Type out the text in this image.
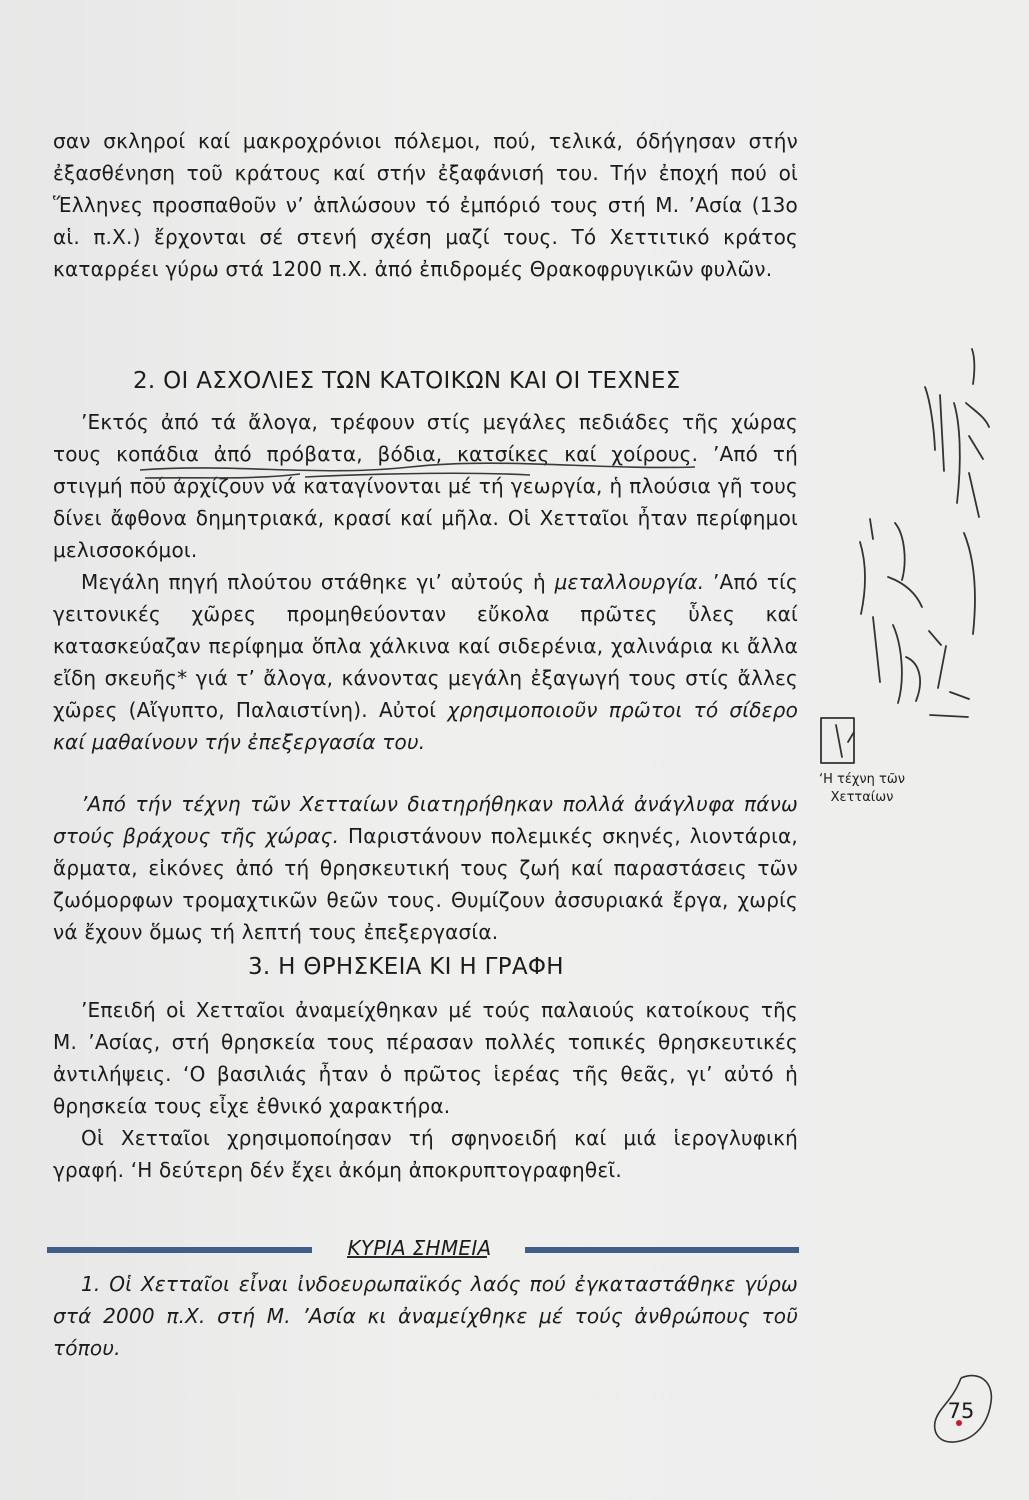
σαν σκληροί καί μακροχρόνιοι πόλεμοι, πού, τελικά, όδήγησαν στήν ἐξασθένηση τοῦ κράτους καί στήν ἐξαφάνισή του. Τήν ἐποχή πού οἱ Ἕλληνες προσπαθοῦν ν’ ἁπλώσουν τό ἐμπόριό τους στή Μ. ’Ασία (13ο αἱ. π.Χ.) ἔρχονται σέ στενή σχέση μαζί τους. Τό Χεττιτικό κράτος καταρρέει γύρω στά 1200 π.Χ. ἀπό ἐπιδρομές Θρακοφρυγικῶν φυλῶν.

2. ΟΙ ΑΣΧΟΛΙΕΣ ΤΩΝ ΚΑΤΟΙΚΩΝ ΚΑΙ ΟΙ ΤΕΧΝΕΣ

’Εκτός ἀπό τά ἄλογα, τρέφουν στίς μεγάλες πεδιάδες τῆς χώρας τους κοπάδια ἀπό πρόβατα, βόδια, κατσίκες καί χοίρους. ’Από τή στιγμή πού ἀρχίζουν νά καταγίνονται μέ τή γεωργία, ἡ πλούσια γῆ τους δίνει ἄφθονα δημητριακά, κρασί καί μῆλα. Οἱ Χετταῖοι ἦταν περίφημοι μελισσοκόμοι.

Μεγάλη πηγή πλούτου στάθηκε γι’ αὐτούς ἡ μεταλλουργία. ’Από τίς γειτονικές χῶρες προμηθεύονταν εὔκολα πρῶτες ὗλες καί κατασκεύαζαν περίφημα ὅπλα χάλκινα καί σιδερένια, χαλινάρια κι ἄλλα εἴδη σκευῆς* γιά τ’ ἄλογα, κάνοντας μεγάλη ἐξαγωγή τους στίς ἄλλες χῶρες (Αἴγυπτο, Παλαιστίνη). Αὐτοί χρησιμοποιοῦν πρῶτοι τό σίδερο καί μαθαίνουν τήν ἐπεξεργασία του.

’Από τήν τέχνη τῶν Χετταίων διατηρήθηκαν πολλά ἀνάγλυφα πάνω στούς βράχους τῆς χώρας. Παριστάνουν πολεμικές σκηνές, λιοντάρια, ἅρματα, εἰκόνες ἀπό τή θρησκευτική τους ζωή καί παραστάσεις τῶν ζωόμορφων τρομαχτικῶν θεῶν τους. Θυμίζουν ἀσσυριακά ἔργα, χωρίς νά ἔχουν ὅμως τή λεπτή τους ἐπεξεργασία.

3. Η ΘΡΗΣΚΕΙΑ ΚΙ Η ΓΡΑΦΗ

’Επειδή οἱ Χετταῖοι ἀναμείχθηκαν μέ τούς παλαιούς κατοίκους τῆς Μ. ’Ασίας, στή θρησκεία τους πέρασαν πολλές τοπικές θρησκευτικές ἀντιλήψεις. ‘Ο βασιλιάς ἦταν ὁ πρῶτος ἱερέας τῆς θεᾶς, γι’ αὐτό ἡ θρησκεία τους εἶχε ἐθνικό χαρακτήρα.

Οἱ Χετταῖοι χρησιμοποίησαν τή σφηνοειδή καί μιά ἱερογλυφική γραφή. ‘Η δεύτερη δέν ἔχει ἀκόμη ἀποκρυπτογραφηθεῖ.

ΚΥΡΙΑ ΣΗΜΕΙΑ

1. Οἱ Χετταῖοι εἶναι ἰνδοευρωπαϊκός λαός πού ἐγκαταστάθηκε γύρω στά 2000 π.Χ. στή Μ. ’Ασία κι ἀναμείχθηκε μέ τούς ἀνθρώπους τοῦ τόπου.

‘Η τέχνη τῶν
Χετταίων
75
